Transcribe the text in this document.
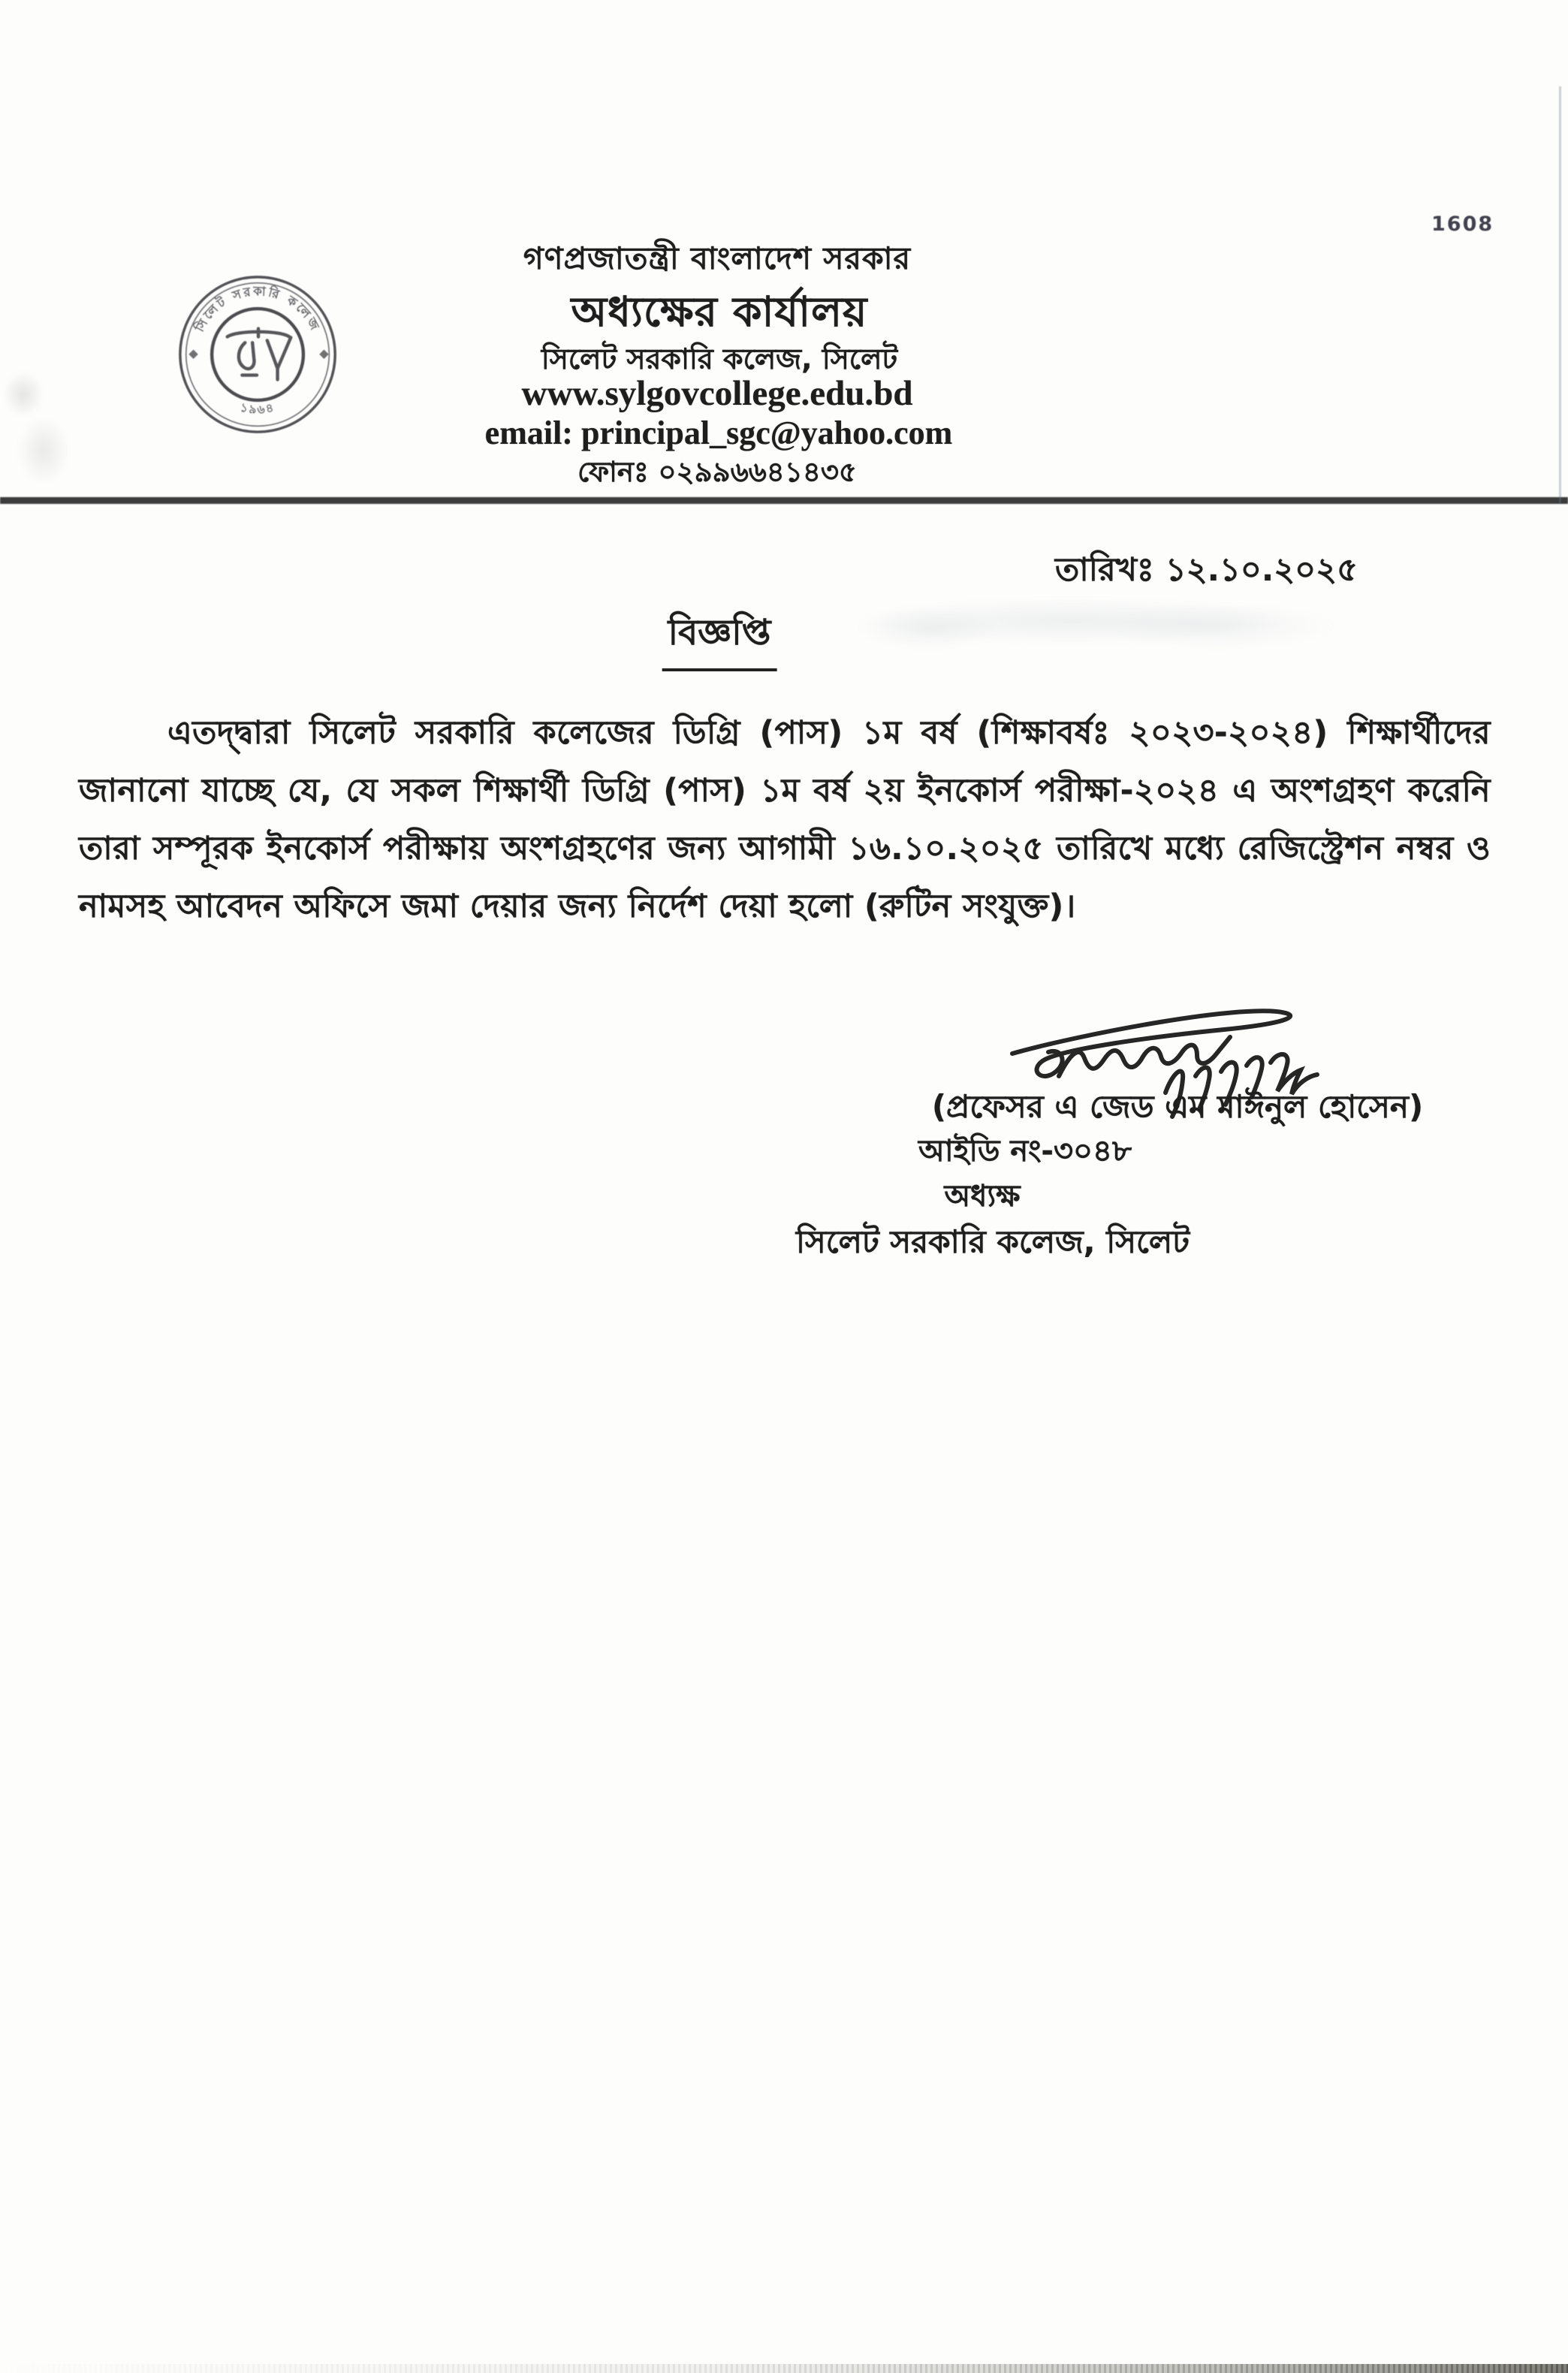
1608
সিলেট সরকারি কলেজ
১৯৬৪
গণপ্রজাতন্ত্রী বাংলাদেশ সরকার
অধ্যক্ষের কার্যালয়
সিলেট সরকারি কলেজ, সিলেট
www.sylgovcollege.edu.bd
email: principal_sgc@yahoo.com
ফোনঃ ০২৯৯৬৬৪১৪৩৫
তারিখঃ ১২.১০.২০২৫
বিজ্ঞপ্তি

এতদ্দ্বারা সিলেট সরকারি কলেজের ডিগ্রি (পাস) ১ম বর্ষ (শিক্ষাবর্ষঃ ২০২৩-২০২৪) শিক্ষার্থীদের জানানো যাচ্ছে যে, যে সকল শিক্ষার্থী ডিগ্রি (পাস) ১ম বর্ষ ২য় ইনকোর্স পরীক্ষা-২০২৪ এ অংশগ্রহণ করেনি তারা সম্পূরক ইনকোর্স পরীক্ষায় অংশগ্রহণের জন্য আগামী ১৬.১০.২০২৫ তারিখে মধ্যে রেজিস্ট্রেশন নম্বর ও নামসহ আবেদন অফিসে জমা দেয়ার জন্য নির্দেশ দেয়া হলো (রুটিন সংযুক্ত)।

(প্রফেসর এ জেড এম মাঈনুল হোসেন)
আইডি নং-৩০৪৮
অধ্যক্ষ
সিলেট সরকারি কলেজ, সিলেট
